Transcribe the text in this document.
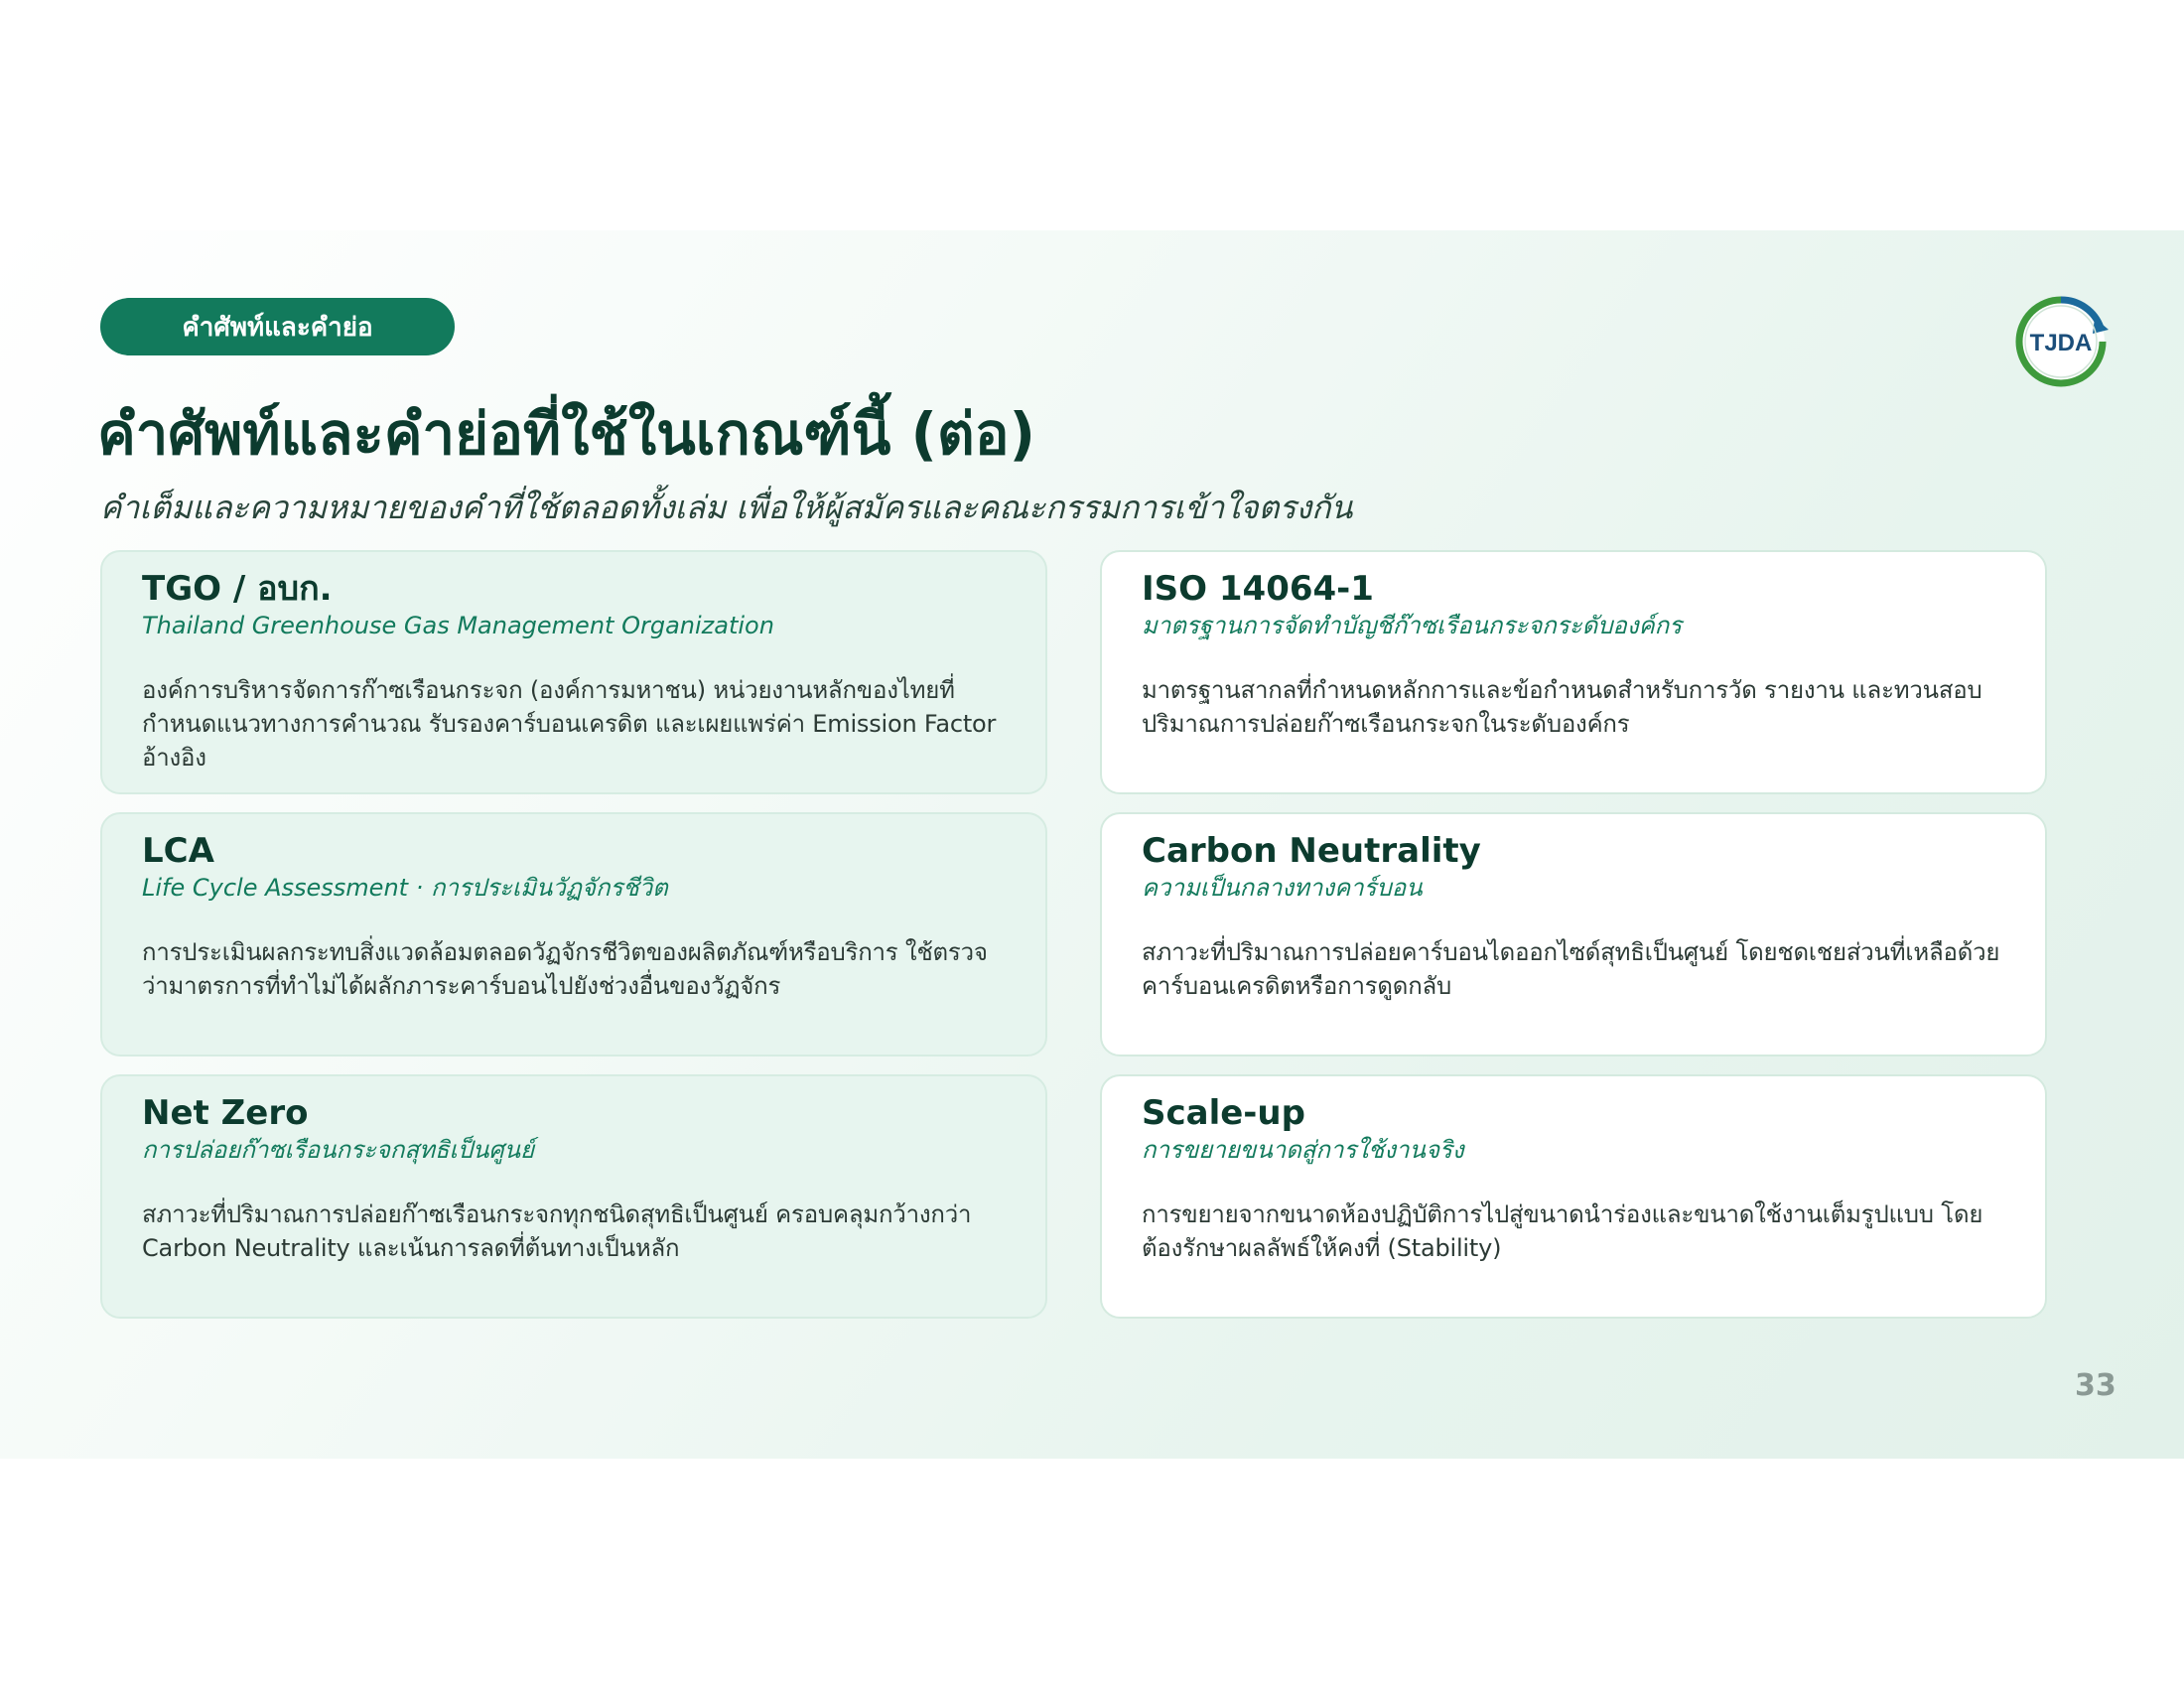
คำศัพท์และคำย่อ
คำศัพท์และคำย่อที่ใช้ในเกณฑ์นี้ (ต่อ)

คำเต็มและความหมายของคำที่ใช้ตลอดทั้งเล่ม เพื่อให้ผู้สมัครและคณะกรรมการเข้าใจตรงกัน

TJDA
TGO / อบก.
Thailand Greenhouse Gas Management Organization
องค์การบริหารจัดการก๊าซเรือนกระจก (องค์การมหาชน) หน่วยงานหลักของไทยที่กำหนดแนวทางการคำนวณ รับรองคาร์บอนเครดิต และเผยแพร่ค่า Emission Factor อ้างอิง
ISO 14064-1
มาตรฐานการจัดทำบัญชีก๊าซเรือนกระจกระดับองค์กร
มาตรฐานสากลที่กำหนดหลักการและข้อกำหนดสำหรับการวัด รายงาน และทวนสอบปริมาณการปล่อยก๊าซเรือนกระจกในระดับองค์กร
LCA
Life Cycle Assessment · การประเมินวัฏจักรชีวิต
การประเมินผลกระทบสิ่งแวดล้อมตลอดวัฏจักรชีวิตของผลิตภัณฑ์หรือบริการ ใช้ตรวจว่ามาตรการที่ทำไม่ได้ผลักภาระคาร์บอนไปยังช่วงอื่นของวัฏจักร
Carbon Neutrality
ความเป็นกลางทางคาร์บอน
สภาวะที่ปริมาณการปล่อยคาร์บอนไดออกไซด์สุทธิเป็นศูนย์ โดยชดเชยส่วนที่เหลือด้วยคาร์บอนเครดิตหรือการดูดกลับ
Net Zero
การปล่อยก๊าซเรือนกระจกสุทธิเป็นศูนย์
สภาวะที่ปริมาณการปล่อยก๊าซเรือนกระจกทุกชนิดสุทธิเป็นศูนย์ ครอบคลุมกว้างกว่า Carbon Neutrality และเน้นการลดที่ต้นทางเป็นหลัก
Scale-up
การขยายขนาดสู่การใช้งานจริง
การขยายจากขนาดห้องปฏิบัติการไปสู่ขนาดนำร่องและขนาดใช้งานเต็มรูปแบบ โดยต้องรักษาผลลัพธ์ให้คงที่ (Stability)
33
